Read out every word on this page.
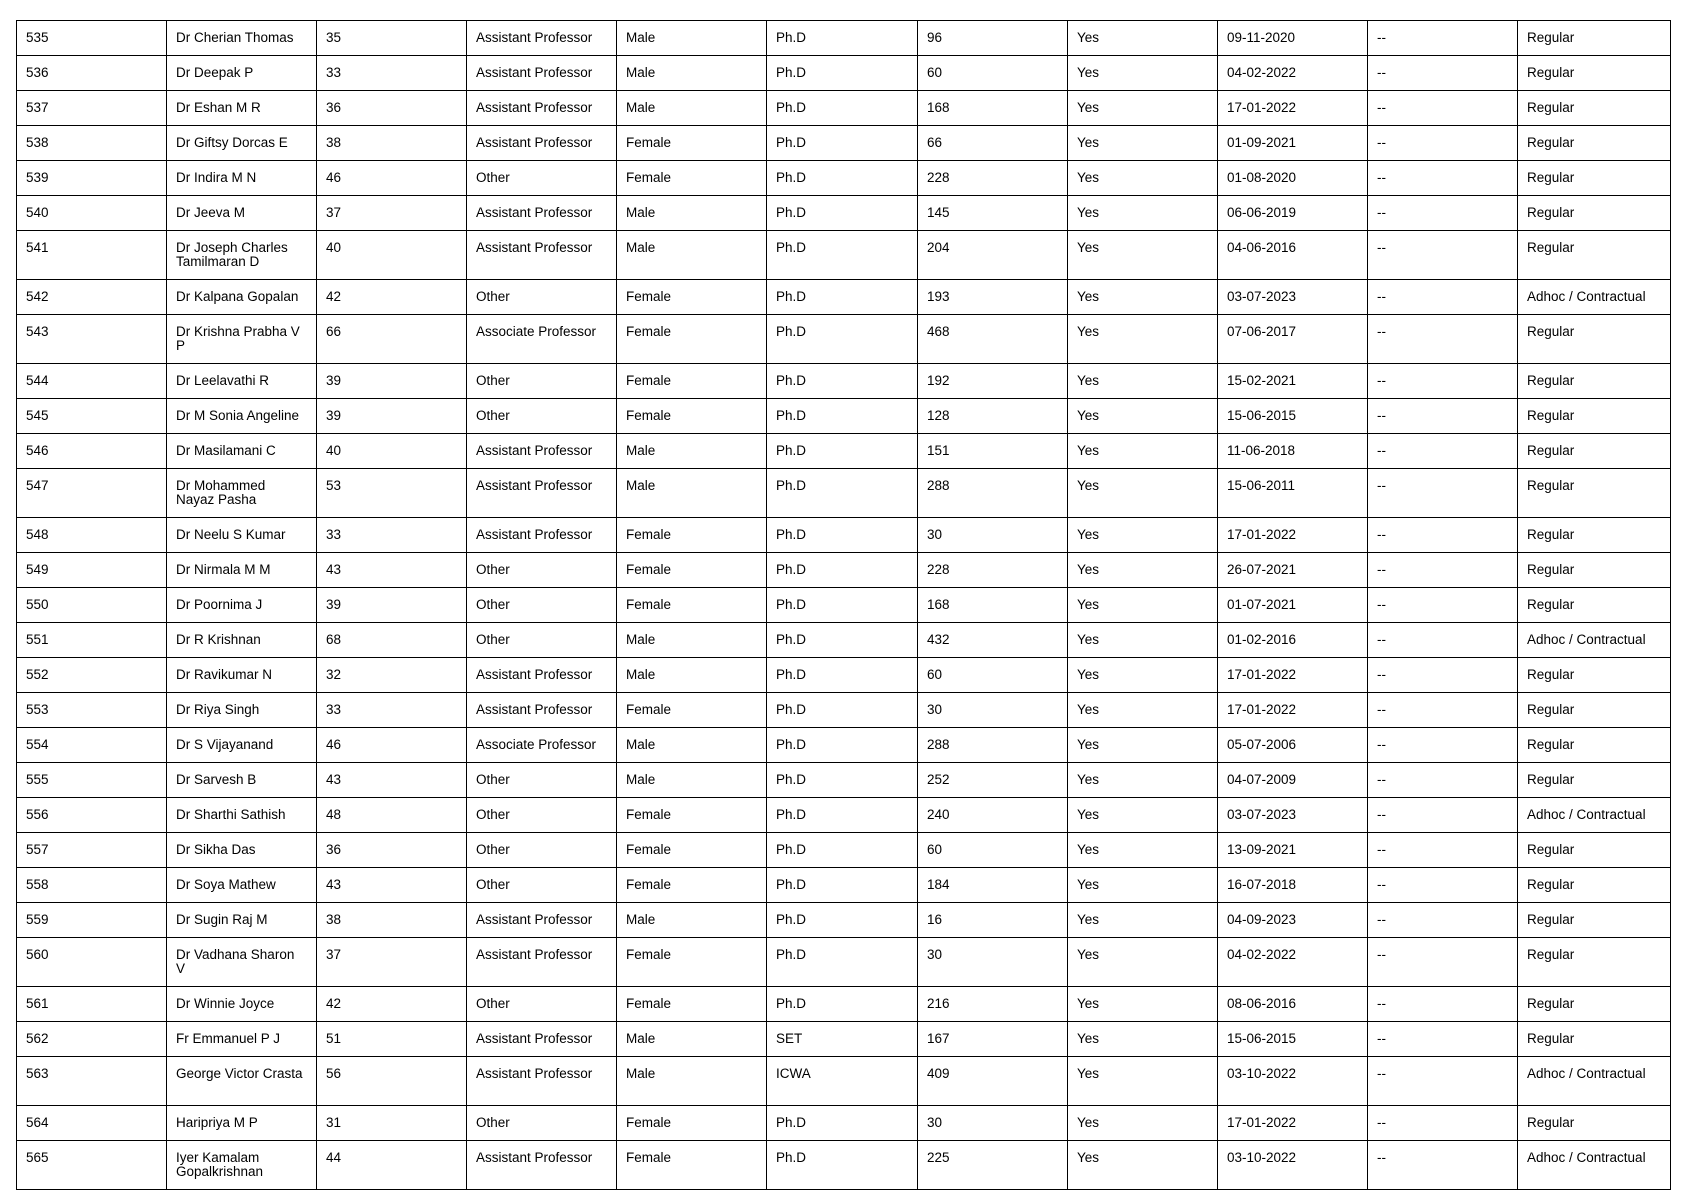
535	Dr Cherian Thomas	35	Assistant Professor	Male	Ph.D	96	Yes	09-11-2020	--	Regular
536	Dr Deepak P	33	Assistant Professor	Male	Ph.D	60	Yes	04-02-2022	--	Regular
537	Dr Eshan M R	36	Assistant Professor	Male	Ph.D	168	Yes	17-01-2022	--	Regular
538	Dr Giftsy Dorcas E	38	Assistant Professor	Female	Ph.D	66	Yes	01-09-2021	--	Regular
539	Dr Indira M N	46	Other	Female	Ph.D	228	Yes	01-08-2020	--	Regular
540	Dr Jeeva M	37	Assistant Professor	Male	Ph.D	145	Yes	06-06-2019	--	Regular
541	Dr Joseph Charles Tamilmaran D	40	Assistant Professor	Male	Ph.D	204	Yes	04-06-2016	--	Regular
542	Dr Kalpana Gopalan	42	Other	Female	Ph.D	193	Yes	03-07-2023	--	Adhoc / Contractual
543	Dr Krishna Prabha V P	66	Associate Professor	Female	Ph.D	468	Yes	07-06-2017	--	Regular
544	Dr Leelavathi R	39	Other	Female	Ph.D	192	Yes	15-02-2021	--	Regular
545	Dr M Sonia Angeline	39	Other	Female	Ph.D	128	Yes	15-06-2015	--	Regular
546	Dr Masilamani C	40	Assistant Professor	Male	Ph.D	151	Yes	11-06-2018	--	Regular
547	Dr Mohammed Nayaz Pasha	53	Assistant Professor	Male	Ph.D	288	Yes	15-06-2011	--	Regular
548	Dr Neelu S Kumar	33	Assistant Professor	Female	Ph.D	30	Yes	17-01-2022	--	Regular
549	Dr Nirmala M M	43	Other	Female	Ph.D	228	Yes	26-07-2021	--	Regular
550	Dr Poornima J	39	Other	Female	Ph.D	168	Yes	01-07-2021	--	Regular
551	Dr R Krishnan	68	Other	Male	Ph.D	432	Yes	01-02-2016	--	Adhoc / Contractual
552	Dr Ravikumar N	32	Assistant Professor	Male	Ph.D	60	Yes	17-01-2022	--	Regular
553	Dr Riya Singh	33	Assistant Professor	Female	Ph.D	30	Yes	17-01-2022	--	Regular
554	Dr S Vijayanand	46	Associate Professor	Male	Ph.D	288	Yes	05-07-2006	--	Regular
555	Dr Sarvesh B	43	Other	Male	Ph.D	252	Yes	04-07-2009	--	Regular
556	Dr Sharthi Sathish	48	Other	Female	Ph.D	240	Yes	03-07-2023	--	Adhoc / Contractual
557	Dr Sikha Das	36	Other	Female	Ph.D	60	Yes	13-09-2021	--	Regular
558	Dr Soya Mathew	43	Other	Female	Ph.D	184	Yes	16-07-2018	--	Regular
559	Dr Sugin Raj M	38	Assistant Professor	Male	Ph.D	16	Yes	04-09-2023	--	Regular
560	Dr Vadhana Sharon V	37	Assistant Professor	Female	Ph.D	30	Yes	04-02-2022	--	Regular
561	Dr Winnie Joyce	42	Other	Female	Ph.D	216	Yes	08-06-2016	--	Regular
562	Fr Emmanuel P J	51	Assistant Professor	Male	SET	167	Yes	15-06-2015	--	Regular
563	George Victor Crasta	56	Assistant Professor	Male	ICWA	409	Yes	03-10-2022	--	Adhoc / Contractual
564	Haripriya M P	31	Other	Female	Ph.D	30	Yes	17-01-2022	--	Regular
565	Iyer Kamalam Gopalkrishnan	44	Assistant Professor	Female	Ph.D	225	Yes	03-10-2022	--	Adhoc / Contractual
